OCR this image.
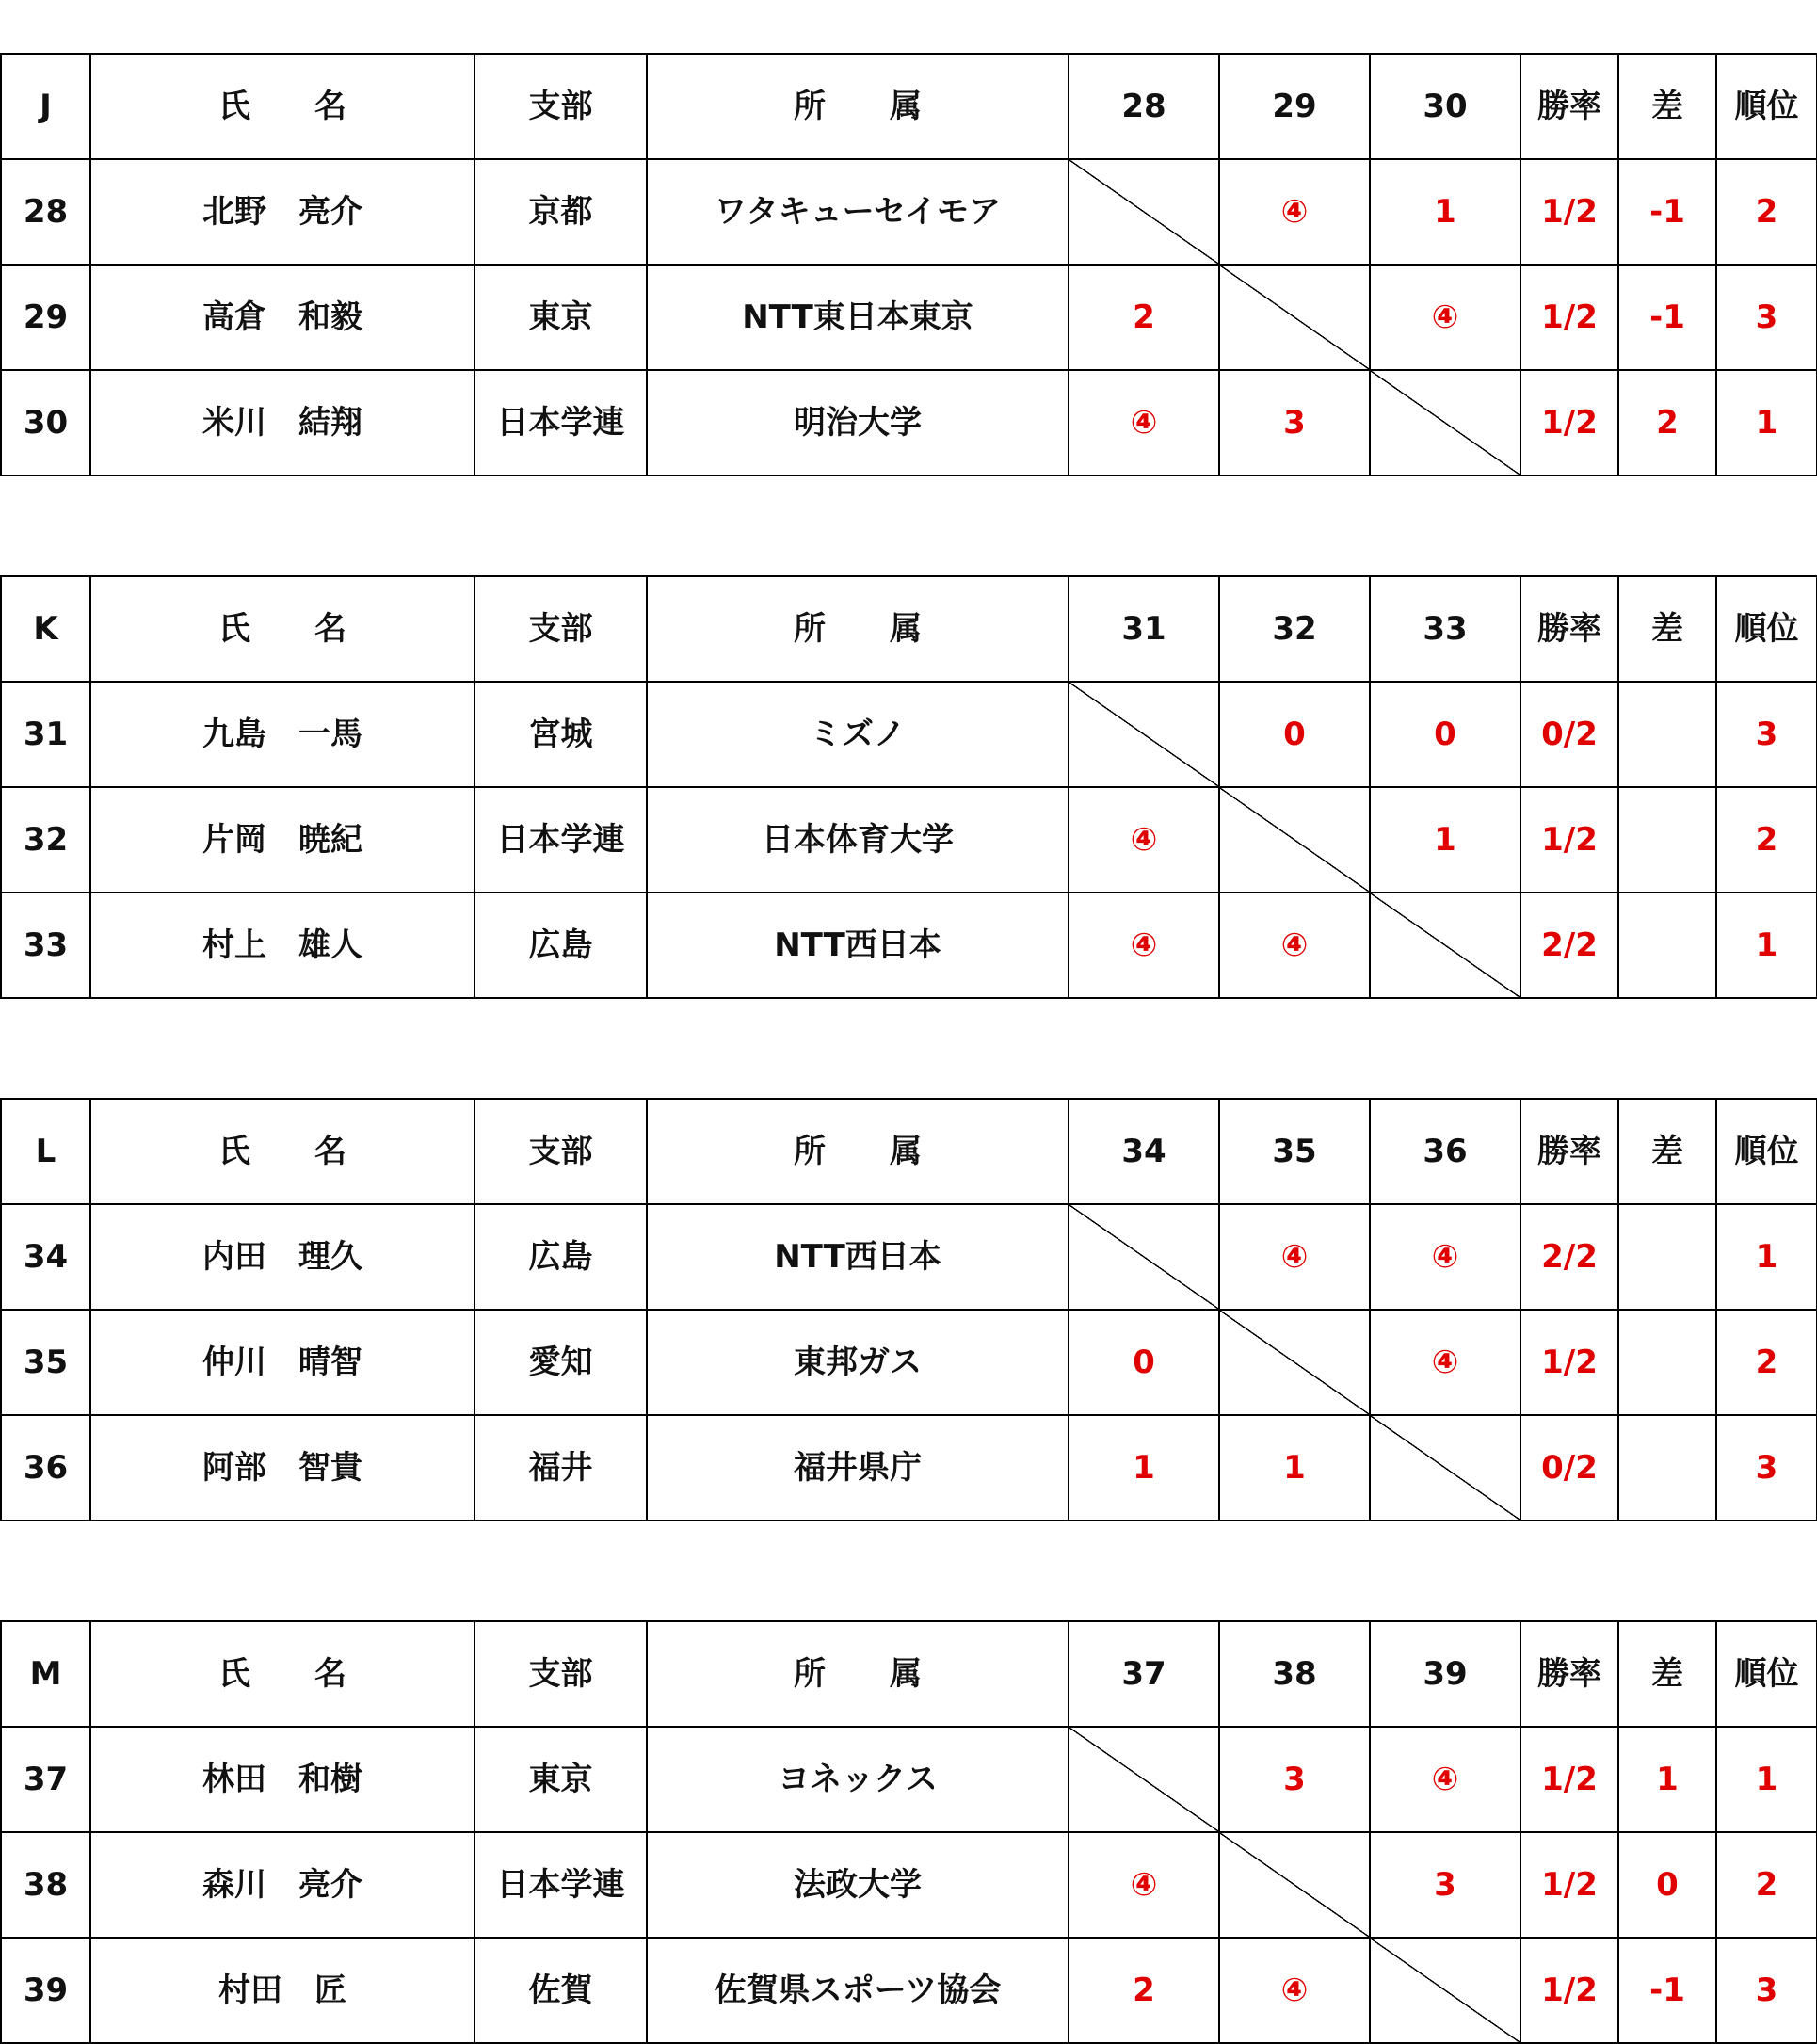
J	氏　　名	支部	所　　属	28	29	30	勝率	差	順位
28	北野　亮介	京都	ワタキューセイモア		④	1	1/2	-1	2
29	高倉　和毅	東京	NTT東日本東京	2		④	1/2	-1	3
30	米川　結翔	日本学連	明治大学	④	3		1/2	2	1
K	氏　　名	支部	所　　属	31	32	33	勝率	差	順位
31	九島　一馬	宮城	ミズノ		0	0	0/2		3
32	片岡　暁紀	日本学連	日本体育大学	④		1	1/2		2
33	村上　雄人	広島	NTT西日本	④	④		2/2		1
L	氏　　名	支部	所　　属	34	35	36	勝率	差	順位
34	内田　理久	広島	NTT西日本		④	④	2/2		1
35	仲川　晴智	愛知	東邦ガス	0		④	1/2		2
36	阿部　智貴	福井	福井県庁	1	1		0/2		3
M	氏　　名	支部	所　　属	37	38	39	勝率	差	順位
37	林田　和樹	東京	ヨネックス		3	④	1/2	1	1
38	森川　亮介	日本学連	法政大学	④		3	1/2	0	2
39	村田　匠	佐賀	佐賀県スポーツ協会	2	④		1/2	-1	3
